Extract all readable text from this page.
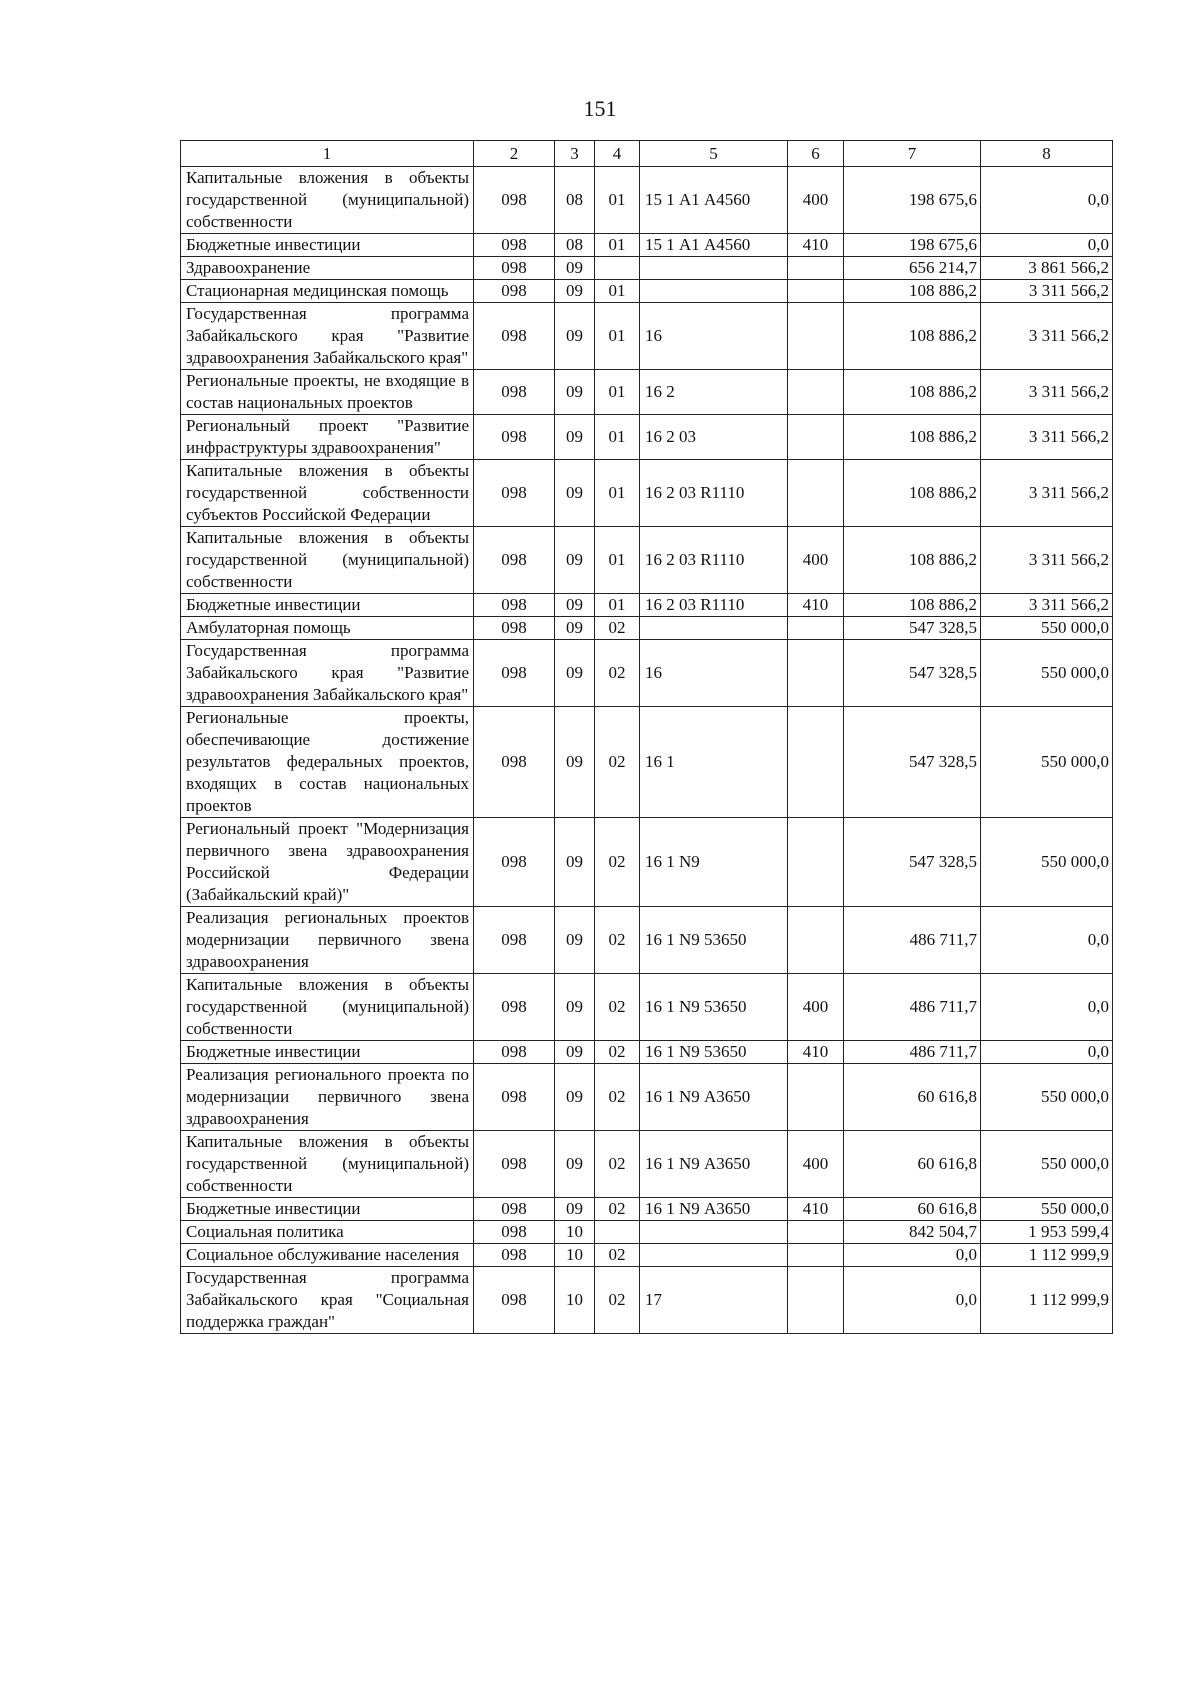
151
1	2	3	4	5	6	7	8
Капитальные вложения в объекты государственной (муниципальной) собственности	098	08	01	15 1 А1 А4560	400	198 675,6	0,0
Бюджетные инвестиции	098	08	01	15 1 А1 А4560	410	198 675,6	0,0
Здравоохранение	098	09				656 214,7	3 861 566,2
Стационарная медицинская помощь	098	09	01			108 886,2	3 311 566,2
Государственная программа Забайкальского края "Развитие здравоохранения Забайкальского края"	098	09	01	16		108 886,2	3 311 566,2
Региональные проекты, не входящие в состав национальных проектов	098	09	01	16 2		108 886,2	3 311 566,2
Региональный проект "Развитие инфраструктуры здравоохранения"	098	09	01	16 2 03		108 886,2	3 311 566,2
Капитальные вложения в объекты государственной собственности субъектов Российской Федерации	098	09	01	16 2 03 R1110		108 886,2	3 311 566,2
Капитальные вложения в объекты государственной (муниципальной) собственности	098	09	01	16 2 03 R1110	400	108 886,2	3 311 566,2
Бюджетные инвестиции	098	09	01	16 2 03 R1110	410	108 886,2	3 311 566,2
Амбулаторная помощь	098	09	02			547 328,5	550 000,0
Государственная программа Забайкальского края "Развитие здравоохранения Забайкальского края"	098	09	02	16		547 328,5	550 000,0
Региональные проекты, обеспечивающие достижение результатов федеральных проектов, входящих в состав национальных проектов	098	09	02	16 1		547 328,5	550 000,0
Региональный проект "Модернизация первичного звена здравоохранения Российской Федерации (Забайкальский край)"	098	09	02	16 1 N9		547 328,5	550 000,0
Реализация региональных проектов модернизации первичного звена здравоохранения	098	09	02	16 1 N9 53650		486 711,7	0,0
Капитальные вложения в объекты государственной (муниципальной) собственности	098	09	02	16 1 N9 53650	400	486 711,7	0,0
Бюджетные инвестиции	098	09	02	16 1 N9 53650	410	486 711,7	0,0
Реализация регионального проекта по модернизации первичного звена здравоохранения	098	09	02	16 1 N9 А3650		60 616,8	550 000,0
Капитальные вложения в объекты государственной (муниципальной) собственности	098	09	02	16 1 N9 А3650	400	60 616,8	550 000,0
Бюджетные инвестиции	098	09	02	16 1 N9 А3650	410	60 616,8	550 000,0
Социальная политика	098	10				842 504,7	1 953 599,4
Социальное обслуживание населения	098	10	02			0,0	1 112 999,9
Государственная программа Забайкальского края "Социальная поддержка граждан"	098	10	02	17		0,0	1 112 999,9
